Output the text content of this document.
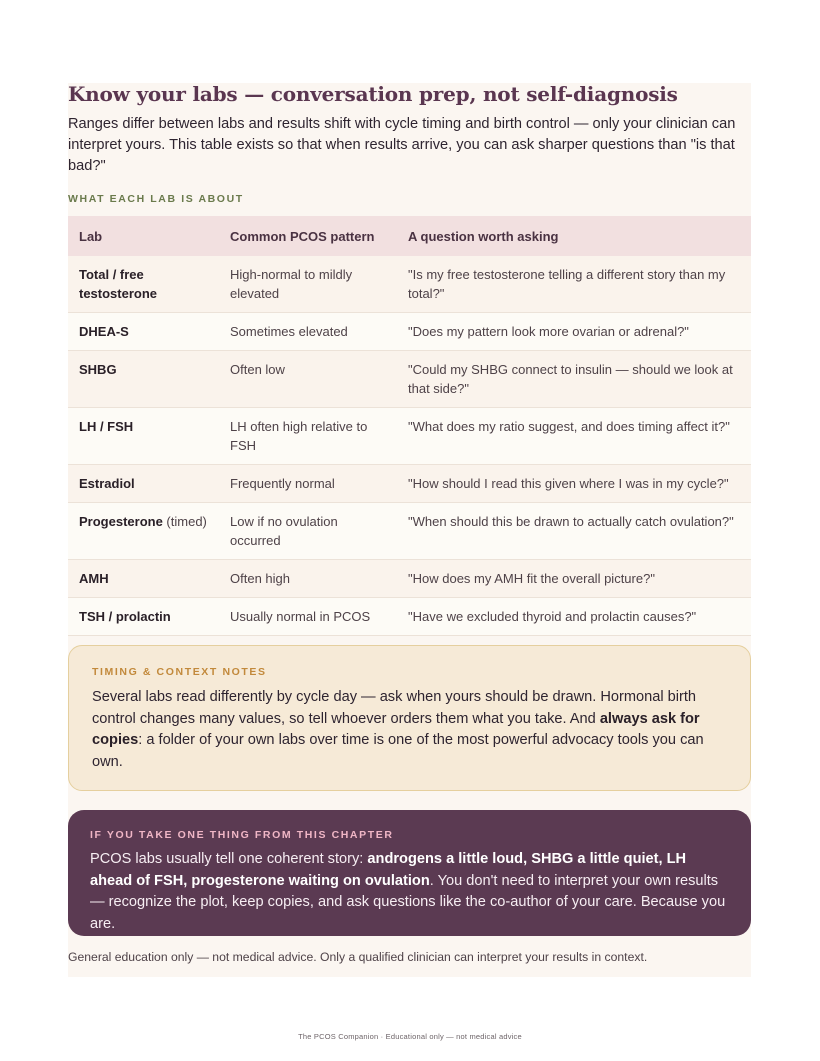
Know your labs — conversation prep, not self-diagnosis

Ranges differ between labs and results shift with cycle timing and birth control — only your clinician can interpret yours. This table exists so that when results arrive, you can ask sharper questions than "is that bad?"

WHAT EACH LAB IS ABOUT

Lab	Common PCOS pattern	A question worth asking
Total / free testosterone	High-normal to mildly elevated	"Is my free testosterone telling a different story than my total?"
DHEA-S	Sometimes elevated	"Does my pattern look more ovarian or adrenal?"
SHBG	Often low	"Could my SHBG connect to insulin — should we look at that side?"
LH / FSH	LH often high relative to FSH	"What does my ratio suggest, and does timing affect it?"
Estradiol	Frequently normal	"How should I read this given where I was in my cycle?"
Progesterone (timed)	Low if no ovulation occurred	"When should this be drawn to actually catch ovulation?"
AMH	Often high	"How does my AMH fit the overall picture?"
TSH / prolactin	Usually normal in PCOS	"Have we excluded thyroid and prolactin causes?"

TIMING & CONTEXT NOTES

Several labs read differently by cycle day — ask when yours should be drawn. Hormonal birth control changes many values, so tell whoever orders them what you take. And always ask for copies: a folder of your own labs over time is one of the most powerful advocacy tools you can own.

IF YOU TAKE ONE THING FROM THIS CHAPTER

PCOS labs usually tell one coherent story: androgens a little loud, SHBG a little quiet, LH ahead of FSH, progesterone waiting on ovulation. You don't need to interpret your own results — recognize the plot, keep copies, and ask questions like the co-author of your care. Because you are.

General education only — not medical advice. Only a qualified clinician can interpret your results in context.

The PCOS Companion · Educational only — not medical advice
